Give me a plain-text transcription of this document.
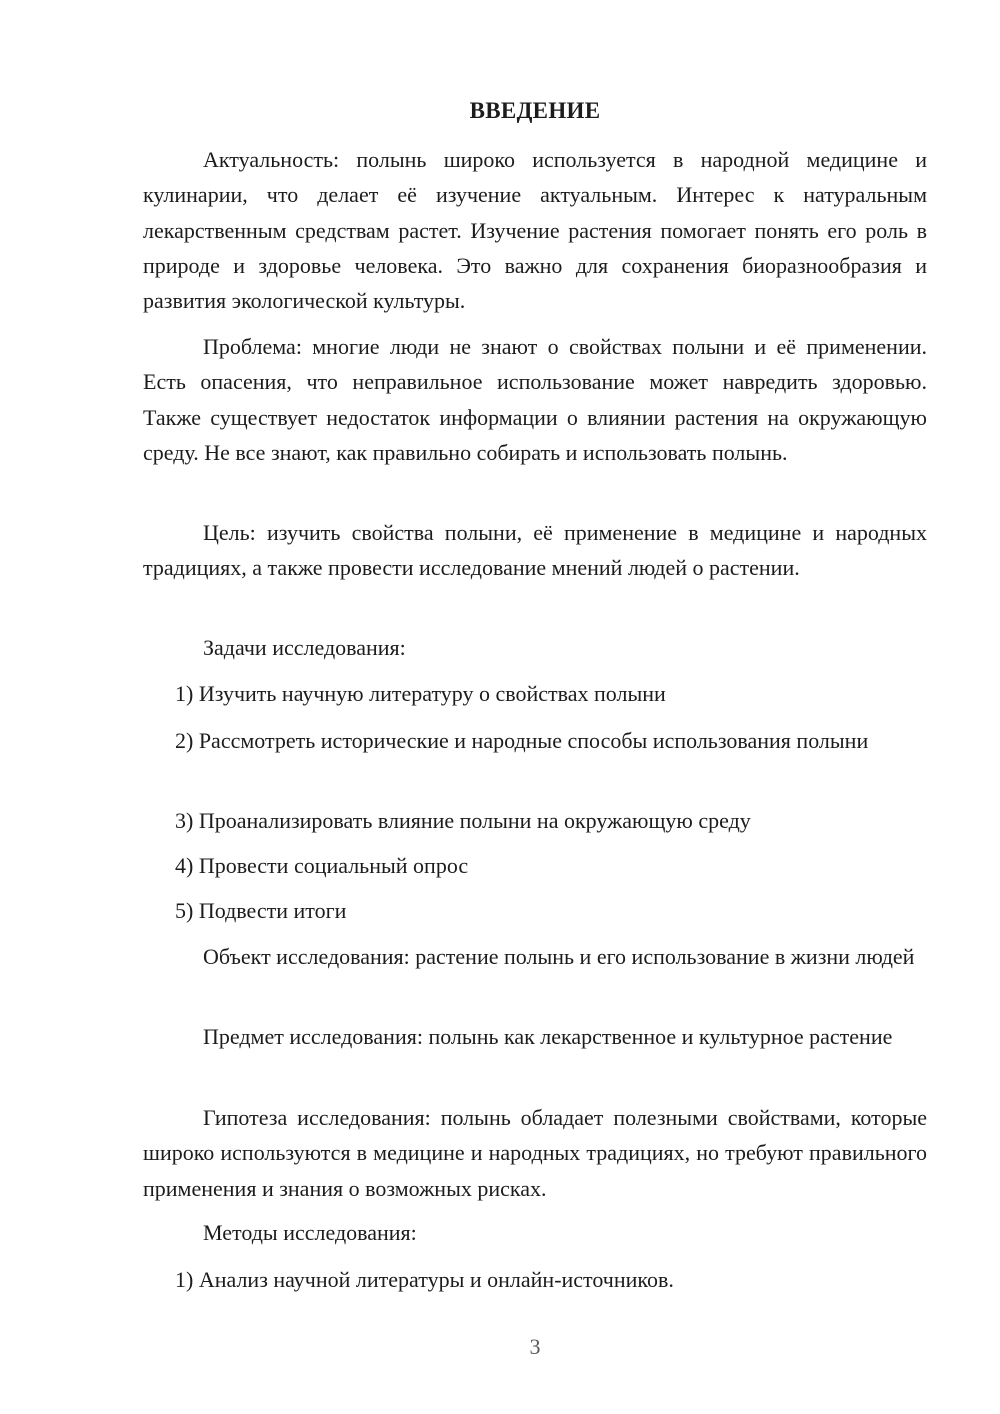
ВВЕДЕНИЕ

Актуальность: полынь широко используется в народной медицине и кулинарии, что делает её изучение актуальным. Интерес к натуральным лекарственным средствам растет. Изучение растения помогает понять его роль в природе и здоровье человека. Это важно для сохранения биоразнообразия и развития экологической культуры.

Проблема: многие люди не знают о свойствах полыни и её применении. Есть опасения, что неправильное использование может навредить здоровью. Также существует недостаток информации о влиянии растения на окружающую среду. Не все знают, как правильно собирать и использовать полынь.

Цель: изучить свойства полыни, её применение в медицине и народных традициях, а также провести исследование мнений людей о растении.

Задачи исследования:

1) Изучить научную литературу о свойствах полыни

2) Рассмотреть исторические и народные способы использования полыни

3) Проанализировать влияние полыни на окружающую среду

4) Провести социальный опрос

5) Подвести итоги

Объект исследования: растение полынь и его использование в жизни людей

Предмет исследования: полынь как лекарственное и культурное растение

Гипотеза исследования: полынь обладает полезными свойствами, которые широко используются в медицине и народных традициях, но требуют правильного применения и знания о возможных рисках.

Методы исследования:

1) Анализ научной литературы и онлайн-источников.

3
